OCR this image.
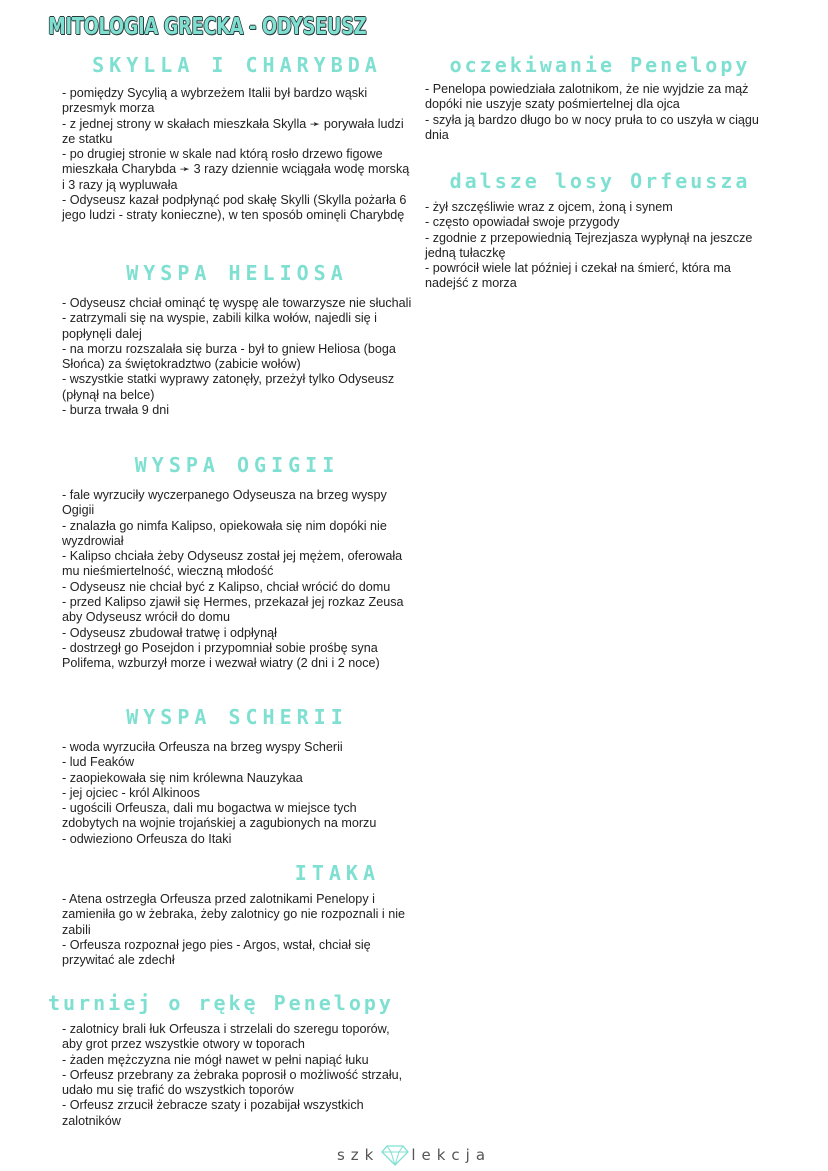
MITOLOGIA GRECKA - ODYSEUSZ
SKYLLA I CHARYBDA
- pomiędzy Sycylią a wybrzeżem Italii był bardzo wąski przesmyk morza
- z jednej strony w skałach mieszkała Skylla ➛ porywała ludzi ze statku
- po drugiej stronie w skale nad którą rosło drzewo figowe mieszkała Charybda ➛ 3 razy dziennie wciągała wodę morską i 3 razy ją wypluwała
- Odyseusz kazał podpłynąć pod skałę Skylli (Skylla pożarła 6 jego ludzi - straty konieczne), w ten sposób ominęli Charybdę
WYSPA HELIOSA
- Odyseusz chciał ominąć tę wyspę ale towarzysze nie słuchali
- zatrzymali się na wyspie, zabili kilka wołów, najedli się i popłynęli dalej
- na morzu rozszalała się burza - był to gniew Heliosa (boga Słońca) za świętokradztwo (zabicie wołów)
- wszystkie statki wyprawy zatonęły, przeżył tylko Odyseusz (płynął na belce)
- burza trwała 9 dni
WYSPA OGIGII
- fale wyrzuciły wyczerpanego Odyseusza na brzeg wyspy Ogigii
- znalazła go nimfa Kalipso, opiekowała się nim dopóki nie wyzdrowiał
- Kalipso chciała żeby Odyseusz został jej mężem, oferowała mu nieśmiertelność, wieczną młodość
- Odyseusz nie chciał być z Kalipso, chciał wrócić do domu
- przed Kalipso zjawił się Hermes, przekazał jej rozkaz Zeusa aby Odyseusz wrócił do domu
- Odyseusz zbudował tratwę i odpłynął
- dostrzegł go Posejdon i przypomniał sobie prośbę syna Polifema, wzburzył morze i wezwał wiatry (2 dni i 2 noce)
WYSPA SCHERII
- woda wyrzuciła Orfeusza na brzeg wyspy Scherii
- lud Feaków
- zaopiekowała się nim królewna Nauzykaa
- jej ojciec - król Alkinoos
- ugościli Orfeusza, dali mu bogactwa w miejsce tych zdobytych na wojnie trojańskiej a zagubionych na morzu
- odwieziono Orfeusza do Itaki
ITAKA
- Atena ostrzegła Orfeusza przed zalotnikami Penelopy i zamieniła go w żebraka, żeby zalotnicy go nie rozpoznali i nie zabili
- Orfeusza rozpoznał jego pies - Argos, wstał, chciał się przywitać ale zdechł
turniej o rękę Penelopy
- zalotnicy brali łuk Orfeusza i strzelali do szeregu toporów, aby grot przez wszystkie otwory w toporach
- żaden mężczyzna nie mógł nawet w pełni napiąć łuku
- Orfeusz przebrany za żebraka poprosił o możliwość strzału, udało mu się trafić do wszystkich toporów
- Orfeusz zrzucił żebracze szaty i pozabijał wszystkich zalotników
oczekiwanie Penelopy
- Penelopa powiedziała zalotnikom, że nie wyjdzie za mąż dopóki nie uszyje szaty pośmiertelnej dla ojca
- szyła ją bardzo długo bo w nocy pruła to co uszyła w ciągu dnia
dalsze losy Orfeusza
- żył szczęśliwie wraz z ojcem, żoną i synem
- często opowiadał swoje przygody
- zgodnie z przepowiednią Tejrezjasza wypłynął na jeszcze jedną tułaczkę
- powrócił wiele lat później i czekał na śmierć, która ma nadejść z morza
szk lekcja
